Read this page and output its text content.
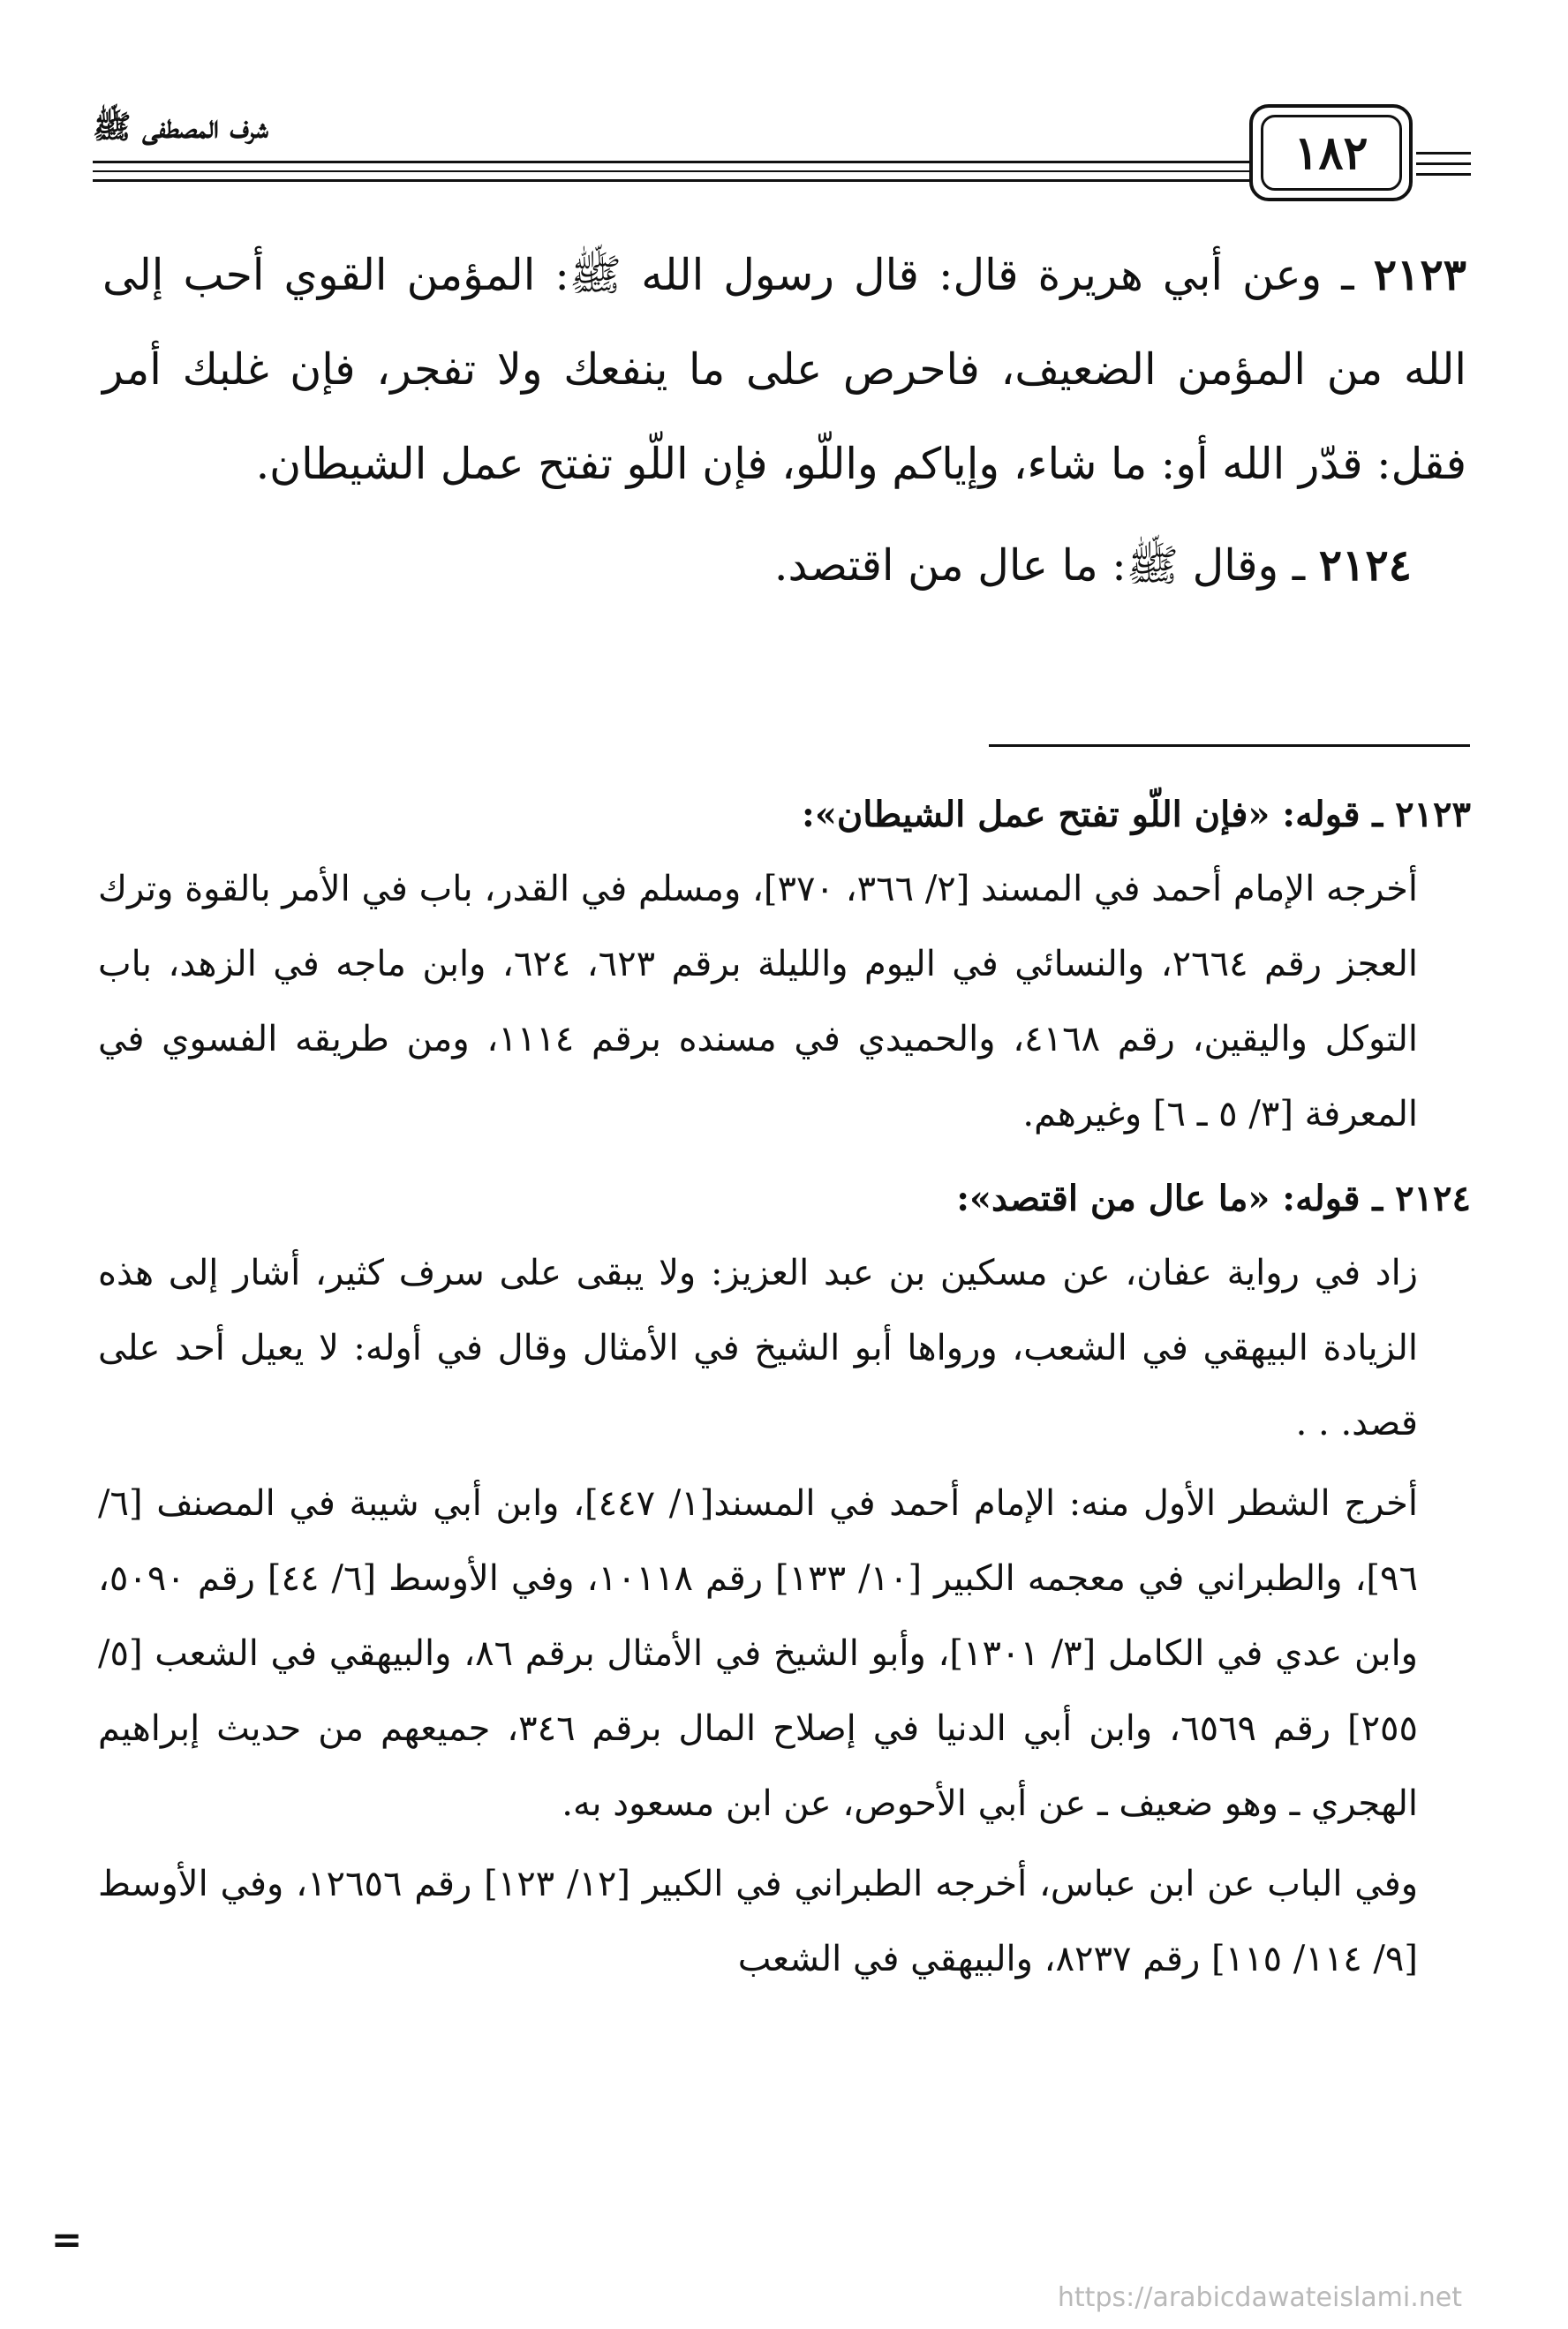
١٨٢
شرف المصطفى ﷺ

٢١٢٣ ـ وعن أبي هريرة قال: قال رسول الله ﷺ: المؤمن القوي أحب إلى الله من المؤمن الضعيف، فاحرص على ما ينفعك ولا تفجر، فإن غلبك أمر فقل: قدّر الله أو: ما شاء، وإياكم واللّو، فإن اللّو تفتح عمل الشيطان.

٢١٢٤ ـ وقال ﷺ: ما عال من اقتصد.

٢١٢٣ ـ قوله: «فإن اللّو تفتح عمل الشيطان»:

أخرجه الإمام أحمد في المسند [٢/ ٣٦٦، ٣٧٠]، ومسلم في القدر، باب في الأمر بالقوة وترك العجز رقم ٢٦٦٤، والنسائي في اليوم والليلة برقم ٦٢٣، ٦٢٤، وابن ماجه في الزهد، باب التوكل واليقين، رقم ٤١٦٨، والحميدي في مسنده برقم ١١١٤، ومن طريقه الفسوي في المعرفة [٣/ ٥ ـ ٦] وغيرهم.

٢١٢٤ ـ قوله: «ما عال من اقتصد»:

زاد في رواية عفان، عن مسكين بن عبد العزيز: ولا يبقى على سرف كثير، أشار إلى هذه الزيادة البيهقي في الشعب، ورواها أبو الشيخ في الأمثال وقال في أوله: لا يعيل أحد على قصد. . .

أخرج الشطر الأول منه: الإمام أحمد في المسند[١/ ٤٤٧]، وابن أبي شيبة في المصنف [٦/ ٩٦]، والطبراني في معجمه الكبير [١٠/ ١٣٣] رقم ١٠١١٨، وفي الأوسط [٦/ ٤٤] رقم ٥٠٩٠، وابن عدي في الكامل [٣/ ١٣٠١]، وأبو الشيخ في الأمثال برقم ٨٦، والبيهقي في الشعب [٥/ ٢٥٥] رقم ٦٥٦٩، وابن أبي الدنيا في إصلاح المال برقم ٣٤٦، جميعهم من حديث إبراهيم الهجري ـ وهو ضعيف ـ عن أبي الأحوص، عن ابن مسعود به.

وفي الباب عن ابن عباس، أخرجه الطبراني في الكبير [١٢/ ١٢٣] رقم ١٢٦٥٦، وفي الأوسط [٩/ ١١٤/ ١١٥] رقم ٨٢٣٧، والبيهقي في الشعب

=
https://arabicdawateislami.net
